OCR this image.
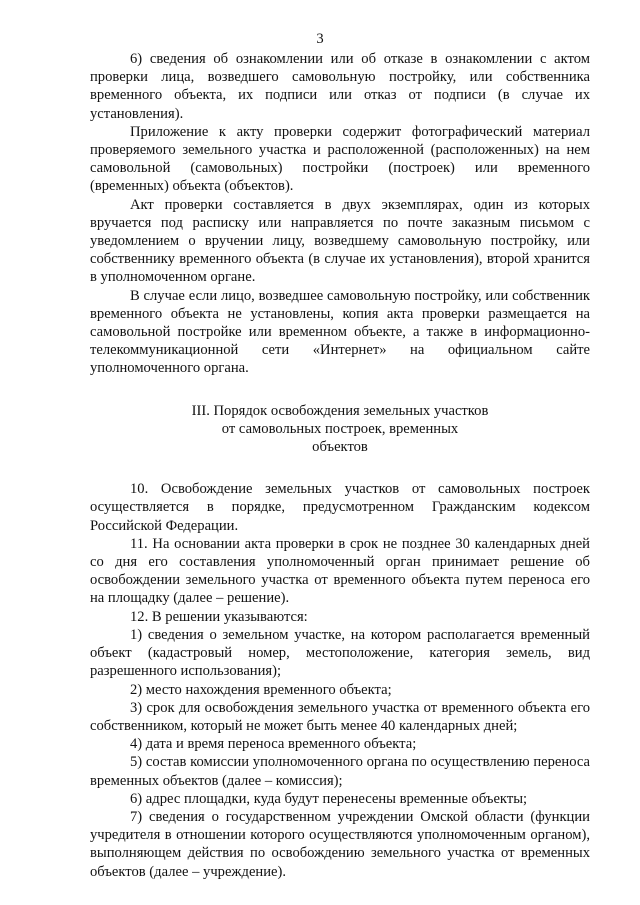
3

6) сведения об ознакомлении или об отказе в ознакомлении с актом проверки лица, возведшего самовольную постройку, или собственника временного объекта, их подписи или отказ от подписи (в случае их установления).

Приложение к акту проверки содержит фотографический материал проверяемого земельного участка и расположенной (расположенных) на нем самовольной (самовольных) постройки (построек) или временного (временных) объекта (объектов).

Акт проверки составляется в двух экземплярах, один из которых вручается под расписку или направляется по почте заказным письмом с уведомлением о вручении лицу, возведшему самовольную постройку, или собственнику временного объекта (в случае их установления), второй хранится в уполномоченном органе.

В случае если лицо, возведшее самовольную постройку, или собственник временного объекта не установлены, копия акта проверки размещается на самовольной постройке или временном объекте, а также в информационно-телекоммуникационной сети «Интернет» на официальном сайте уполномоченного органа.

III. Порядок освобождения земельных участков
от самовольных построек, временных
объектов

10. Освобождение земельных участков от самовольных построек осуществляется в порядке, предусмотренном Гражданским кодексом Российской Федерации.

11. На основании акта проверки в срок не позднее 30 календарных дней со дня его составления уполномоченный орган принимает решение об освобождении земельного участка от временного объекта путем переноса его на площадку (далее – решение).

12. В решении указываются:

1) сведения о земельном участке, на котором располагается временный объект (кадастровый номер, местоположение, категория земель, вид разрешенного использования);

2) место нахождения временного объекта;

3) срок для освобождения земельного участка от временного объекта его собственником, который не может быть менее 40 календарных дней;

4) дата и время переноса временного объекта;

5) состав комиссии уполномоченного органа по осуществлению переноса временных объектов (далее – комиссия);

6) адрес площадки, куда будут перенесены временные объекты;

7) сведения о государственном учреждении Омской области (функции учредителя в отношении которого осуществляются уполномоченным органом), выполняющем действия по освобождению земельного участка от временных объектов (далее – учреждение).
